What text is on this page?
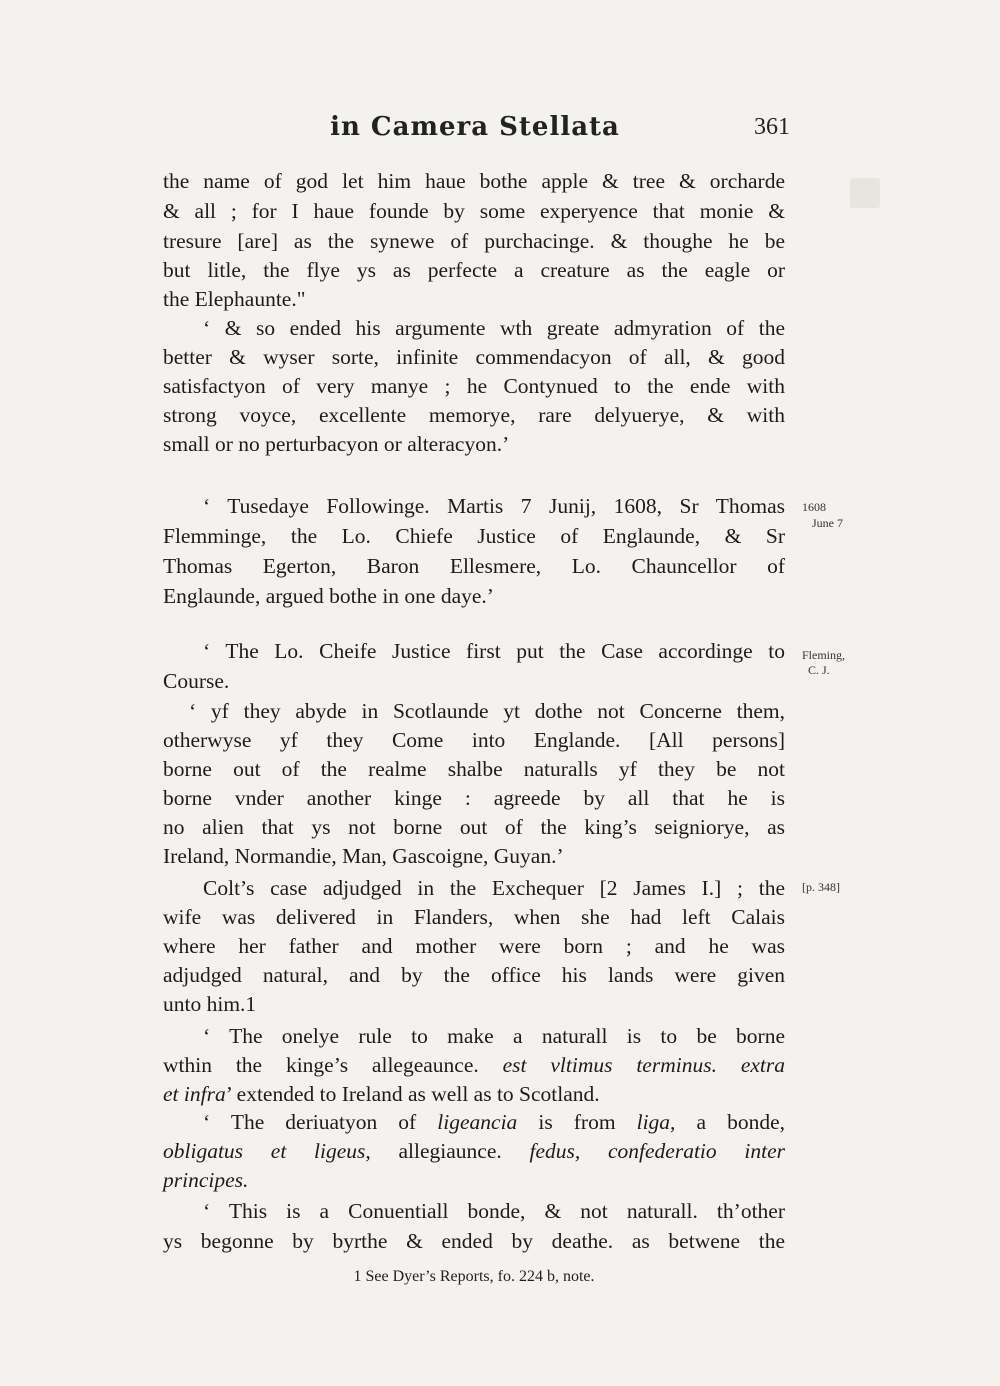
in Camera Stellata	361
the name of god let him haue bothe apple & tree & orcharde
& all ; for I haue founde by some experyence that monie &
tresure [are] as the synewe of purchacinge. & thoughe he be
but litle, the flye ys as perfecte a creature as the eagle or
the Elephaunte."
‘ & so ended his argumente wth greate admyration of the
better & wyser sorte, infinite commendacyon of all, & good
satisfactyon of very manye ; he Contynued to the ende with
strong voyce, excellente memorye, rare delyuerye, & with
small or no perturbacyon or alteracyon.’
‘ Tusedaye Followinge. Martis 7 Junij, 1608, Sr Thomas
Flemminge, the Lo. Chiefe Justice of Englaunde, & Sr
Thomas Egerton, Baron Ellesmere, Lo. Chauncellor of
Englaunde, argued bothe in one daye.’
1608
June 7
‘ The Lo. Cheife Justice first put the Case accordinge to
Course.
Fleming,
C. J.
‘ yf they abyde in Scotlaunde yt dothe not Concerne them,
otherwyse yf they Come into Englande. [All persons]
borne out of the realme shalbe naturalls yf they be not
borne vnder another kinge : agreede by all that he is
no alien that ys not borne out of the king’s seigniorye, as
Ireland, Normandie, Man, Gascoigne, Guyan.’
Colt’s case adjudged in the Exchequer [2 James I.] ; the
wife was delivered in Flanders, when she had left Calais
where her father and mother were born ; and he was
adjudged natural, and by the office his lands were given
unto him.1
[p. 348]
‘ The onelye rule to make a naturall is to be borne
wthin the kinge’s allegeaunce. est vltimus terminus. extra
et infra’ extended to Ireland as well as to Scotland.
‘ The deriuatyon of ligeancia is from liga, a bonde,
obligatus et ligeus, allegiaunce. fedus, confederatio inter
principes.
‘ This is a Conuentiall bonde, & not naturall. th’other
ys begonne by byrthe & ended by deathe. as betwene the
1 See Dyer’s Reports, fo. 224 b, note.
